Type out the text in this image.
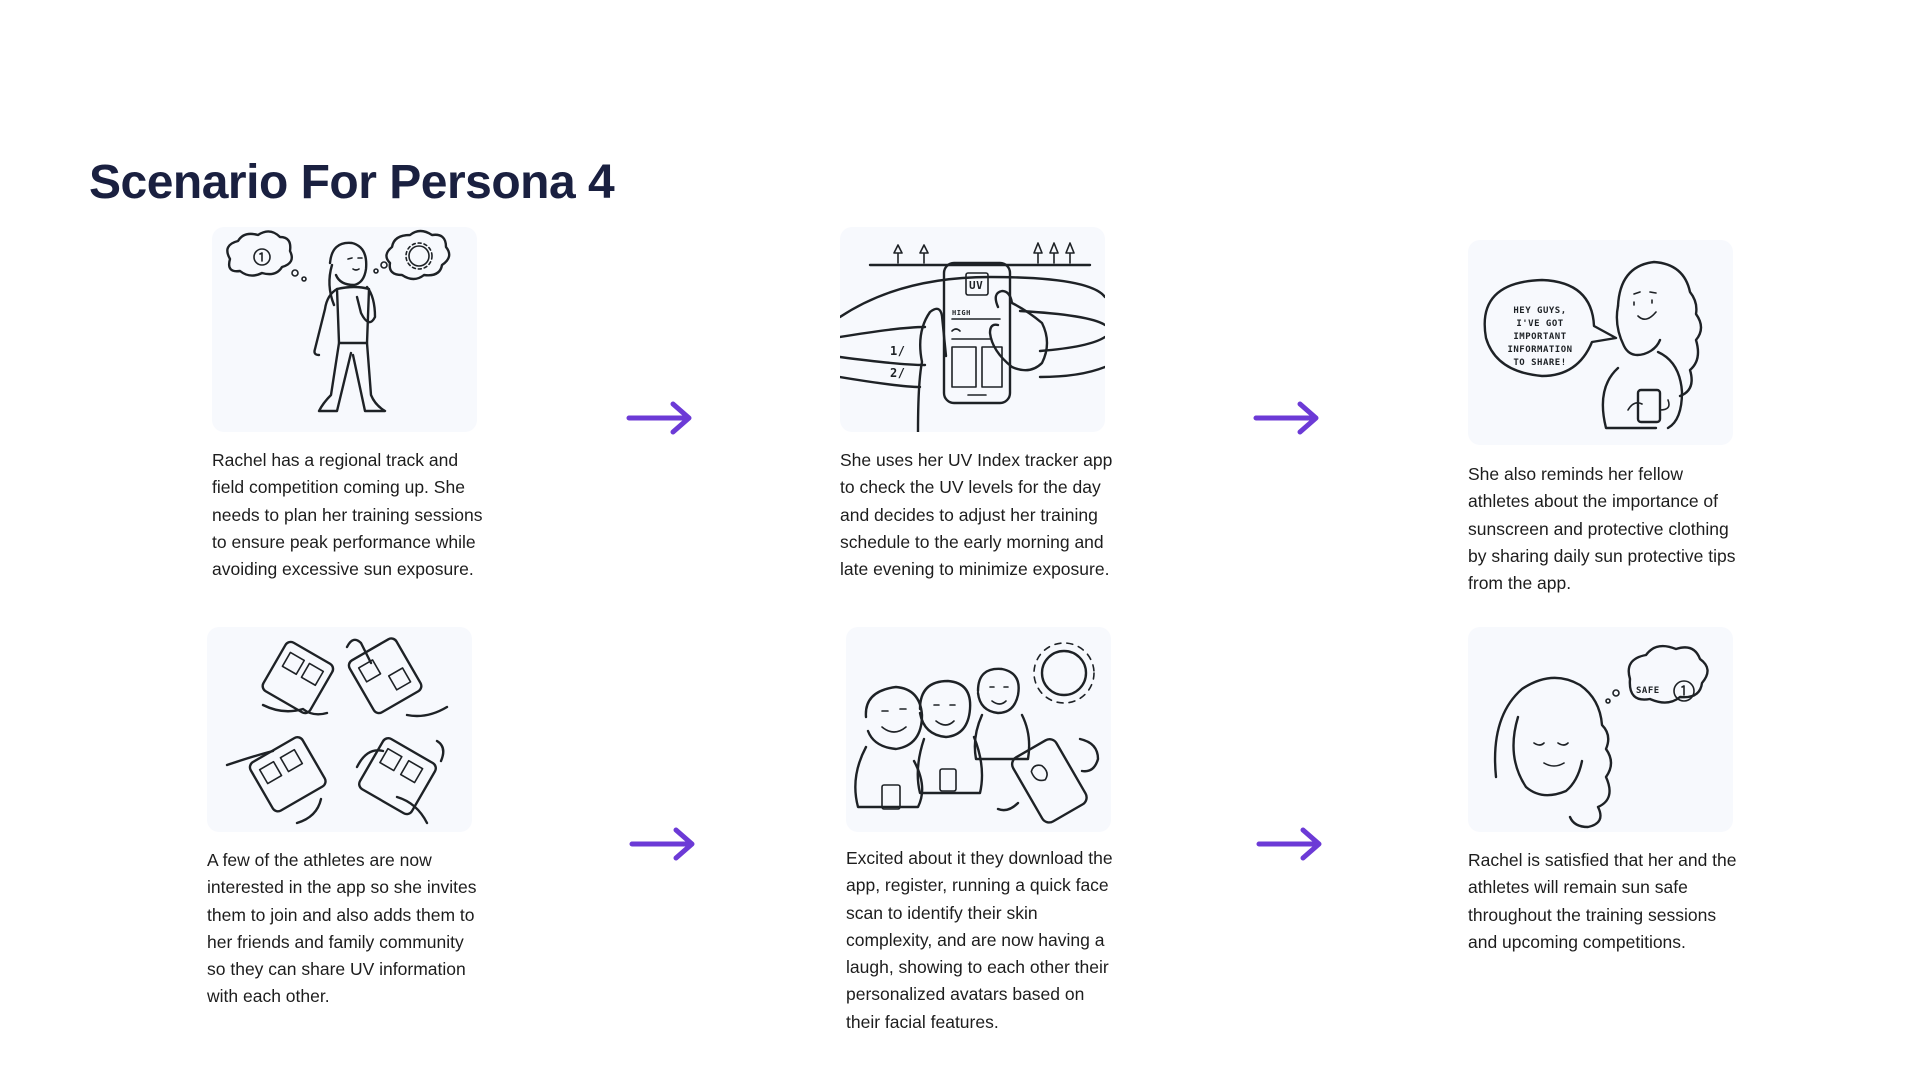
Scenario For Persona 4

Rachel has a regional track and field competition coming up. She needs to plan her training sessions to ensure peak performance while avoiding excessive sun exposure.

1/
2/
UV
HIGH

She uses her UV Index tracker app to check the UV levels for the day and decides to adjust her training schedule to the early morning and late evening to minimize exposure.

HEY GUYS,
I'VE GOT
IMPORTANT
INFORMATION
TO SHARE!

She also reminds her fellow athletes about the importance of sunscreen and protective clothing by sharing daily sun protective tips from the app.

A few of the athletes are now interested in the app so she invites them to join and also adds them to her friends and family community so they can share UV information with each other.

Excited about it they download the app, register, running a quick face scan to identify their skin complexity, and are now having a laugh, showing to each other their personalized avatars based on their facial features.

SAFE

Rachel is satisfied that her and the athletes will remain sun safe throughout the training sessions and upcoming competitions.
